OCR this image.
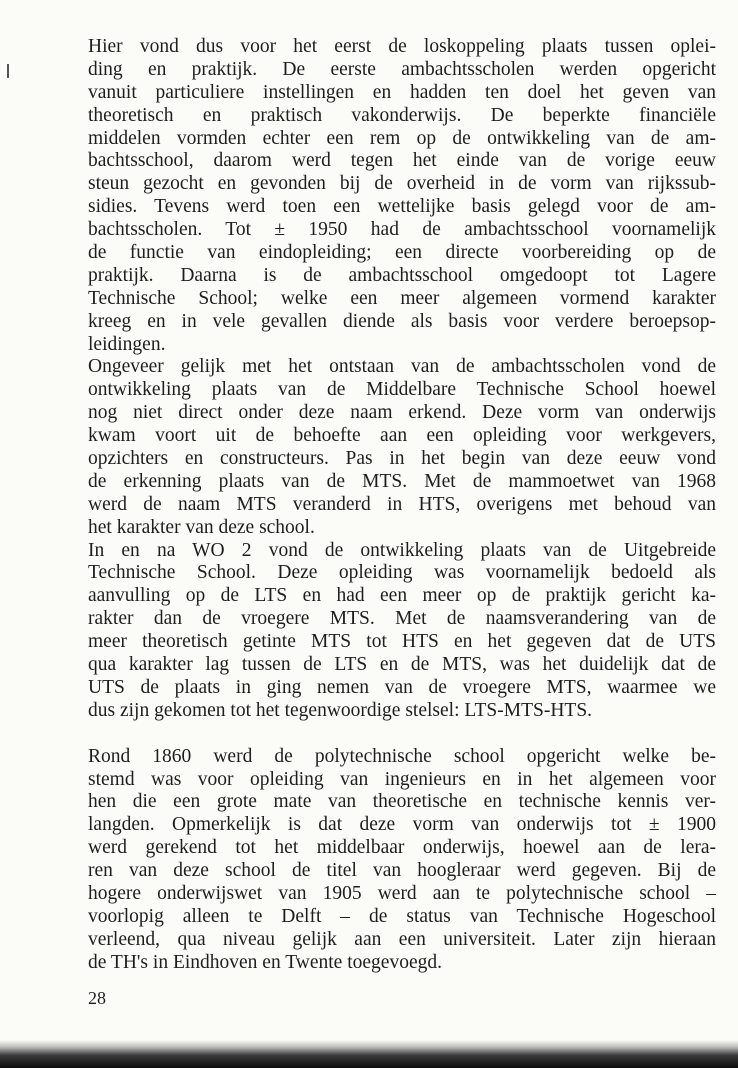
Hier vond dus voor het eerst de loskoppeling plaats tussen oplei-
ding en praktijk. De eerste ambachtsscholen werden opgericht
vanuit particuliere instellingen en hadden ten doel het geven van
theoretisch en praktisch vakonderwijs. De beperkte financiële
middelen vormden echter een rem op de ontwikkeling van de am-
bachtsschool, daarom werd tegen het einde van de vorige eeuw
steun gezocht en gevonden bij de overheid in de vorm van rijkssub-
sidies. Tevens werd toen een wettelijke basis gelegd voor de am-
bachtsscholen. Tot ± 1950 had de ambachtsschool voornamelijk
de functie van eindopleiding; een directe voorbereiding op de
praktijk. Daarna is de ambachtsschool omgedoopt tot Lagere
Technische School; welke een meer algemeen vormend karakter
kreeg en in vele gevallen diende als basis voor verdere beroepsop-
leidingen.
Ongeveer gelijk met het ontstaan van de ambachtsscholen vond de
ontwikkeling plaats van de Middelbare Technische School hoewel
nog niet direct onder deze naam erkend. Deze vorm van onderwijs
kwam voort uit de behoefte aan een opleiding voor werkgevers,
opzichters en constructeurs. Pas in het begin van deze eeuw vond
de erkenning plaats van de MTS. Met de mammoetwet van 1968
werd de naam MTS veranderd in HTS, overigens met behoud van
het karakter van deze school.
In en na WO 2 vond de ontwikkeling plaats van de Uitgebreide
Technische School. Deze opleiding was voornamelijk bedoeld als
aanvulling op de LTS en had een meer op de praktijk gericht ka-
rakter dan de vroegere MTS. Met de naamsverandering van de
meer theoretisch getinte MTS tot HTS en het gegeven dat de UTS
qua karakter lag tussen de LTS en de MTS, was het duidelijk dat de
UTS de plaats in ging nemen van de vroegere MTS, waarmee we
dus zijn gekomen tot het tegenwoordige stelsel: LTS-MTS-HTS.
Rond 1860 werd de polytechnische school opgericht welke be-
stemd was voor opleiding van ingenieurs en in het algemeen voor
hen die een grote mate van theoretische en technische kennis ver-
langden. Opmerkelijk is dat deze vorm van onderwijs tot ± 1900
werd gerekend tot het middelbaar onderwijs, hoewel aan de lera-
ren van deze school de titel van hoogleraar werd gegeven. Bij de
hogere onderwijswet van 1905 werd aan te polytechnische school –
voorlopig alleen te Delft – de status van Technische Hogeschool
verleend, qua niveau gelijk aan een universiteit. Later zijn hieraan
de TH's in Eindhoven en Twente toegevoegd.
28
